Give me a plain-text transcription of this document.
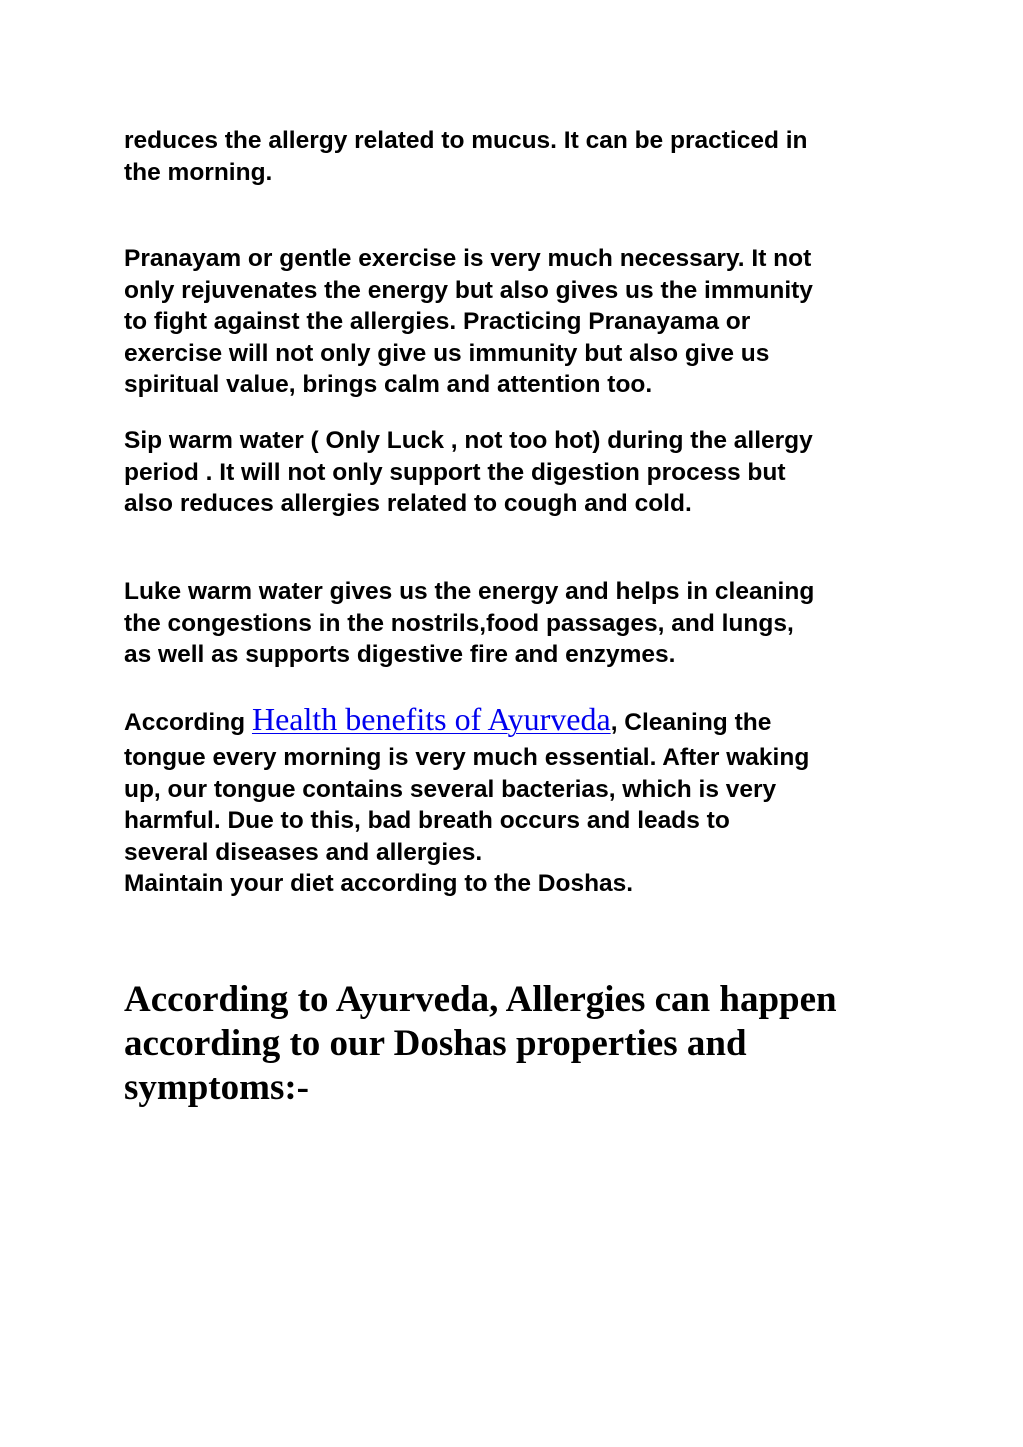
reduces the allergy related to mucus. It can be practiced in
the morning.

Pranayam or gentle exercise is very much necessary. It not
only rejuvenates the energy but also gives us the immunity
to fight against the allergies. Practicing Pranayama or
exercise will not only give us immunity but also give us
spiritual value, brings calm and attention too.

Sip warm water ( Only Luck , not too hot) during the allergy
period . It will not only support the digestion process but
also reduces allergies related to cough and cold.

Luke warm water gives us the energy and helps in cleaning
the congestions in the nostrils,food passages, and lungs,
as well as supports digestive fire and enzymes.

According Health benefits of Ayurveda, Cleaning the
tongue every morning is very much essential. After waking
up, our tongue contains several bacterias, which is very
harmful. Due to this, bad breath occurs and leads to
several diseases and allergies.
Maintain your diet according to the Doshas.

According to Ayurveda, Allergies can happen
according to our Doshas properties and
symptoms:-
